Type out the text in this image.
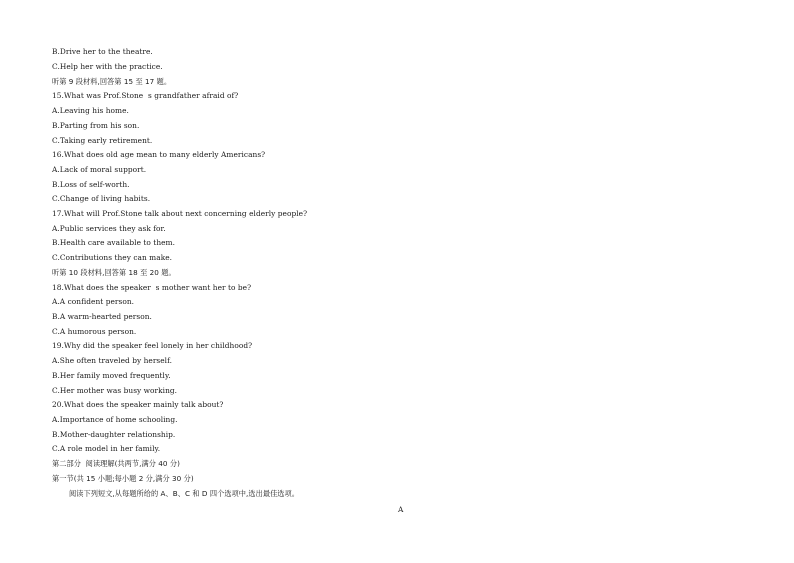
B.Drive her to the theatre.
C.Help her with the practice.
听第 9 段材料,回答第 15 至 17 题。
15.What was Prof.Stone  s grandfather afraid of?
A.Leaving his home.
B.Parting from his son.
C.Taking early retirement.
16.What does old age mean to many elderly Americans?
A.Lack of moral support.
B.Loss of self-worth.
C.Change of living habits.
17.What will Prof.Stone talk about next concerning elderly people?
A.Public services they ask for.
B.Health care available to them.
C.Contributions they can make.
听第 10 段材料,回答第 18 至 20 题。
18.What does the speaker  s mother want her to be?
A.A confident person.
B.A warm-hearted person.
C.A humorous person.
19.Why did the speaker feel lonely in her childhood?
A.She often traveled by herself.
B.Her family moved frequently.
C.Her mother was busy working.
20.What does the speaker mainly talk about?
A.Importance of home schooling.
B.Mother-daughter relationship.
C.A role model in her family.
第二部分  阅读理解(共两节,满分 40 分)
第一节(共 15 小题;每小题 2 分,满分 30 分)
阅读下列短文,从每题所给的 A、B、C 和 D 四个选项中,选出最佳选项。
A
